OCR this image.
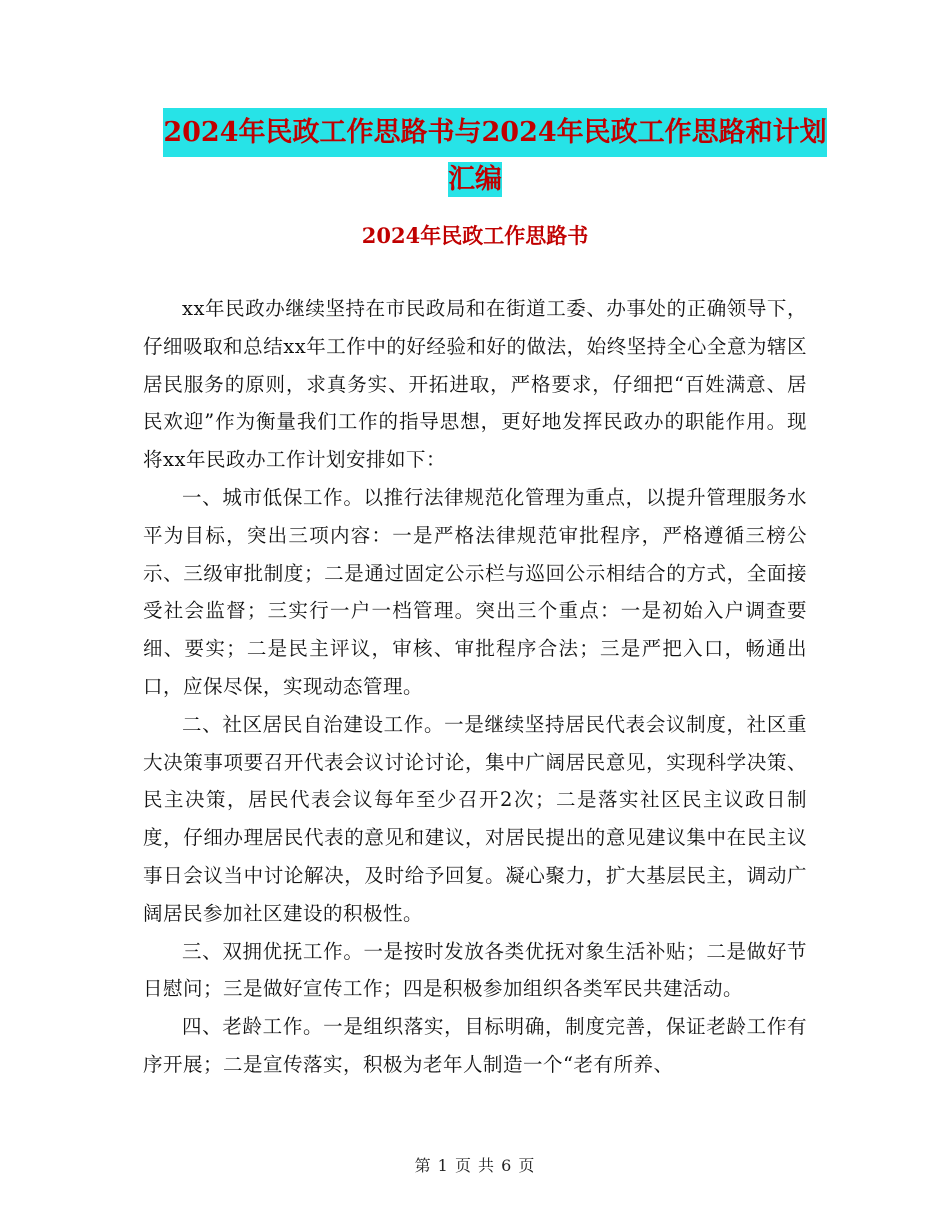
2024年民政工作思路书与2024年民政工作思路和计划
汇编
2024年民政工作思路书

xx年民政办继续坚持在市民政局和在街道工委、办事处的正确领导下，仔细吸取和总结xx年工作中的好经验和好的做法，始终坚持全心全意为辖区居民服务的原则，求真务实、开拓进取，严格要求，仔细把“百姓满意、居民欢迎”作为衡量我们工作的指导思想，更好地发挥民政办的职能作用。现将xx年民政办工作计划安排如下：

一、城市低保工作。以推行法律规范化管理为重点，以提升管理服务水平为目标，突出三项内容：一是严格法律规范审批程序，严格遵循三榜公示、三级审批制度；二是通过固定公示栏与巡回公示相结合的方式，全面接受社会监督；三实行一户一档管理。突出三个重点：一是初始入户调查要细、要实；二是民主评议，审核、审批程序合法；三是严把入口，畅通出口，应保尽保，实现动态管理。

二、社区居民自治建设工作。一是继续坚持居民代表会议制度，社区重大决策事项要召开代表会议讨论讨论，集中广阔居民意见，实现科学决策、民主决策，居民代表会议每年至少召开2次；二是落实社区民主议政日制度，仔细办理居民代表的意见和建议，对居民提出的意见建议集中在民主议事日会议当中讨论解决，及时给予回复。凝心聚力，扩大基层民主，调动广阔居民参加社区建设的积极性。

三、双拥优抚工作。一是按时发放各类优抚对象生活补贴；二是做好节日慰问；三是做好宣传工作；四是积极参加组织各类军民共建活动。

四、老龄工作。一是组织落实，目标明确，制度完善，保证老龄工作有序开展；二是宣传落实，积极为老年人制造一个“老有所养、

第 1 页 共 6 页
